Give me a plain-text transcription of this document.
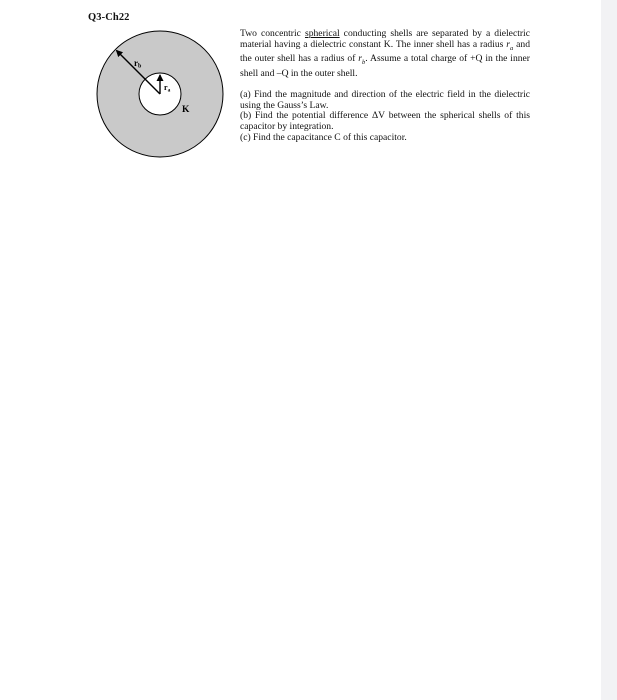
Q3-Ch22
rb
ra
K

Two concentric spherical conducting shells are separated by a dielectric material having a dielectric constant K. The inner shell has a radius $r_a$ and the outer shell has a radius of $r_b$. Assume a total charge of +Q in the inner shell and –Q in the outer shell.

(a) Find the magnitude and direction of the electric field in the dielectric using the Gauss’s Law.

(b) Find the potential difference ΔV between the spherical shells of this capacitor by integration.

(c) Find the capacitance C of this capacitor.
